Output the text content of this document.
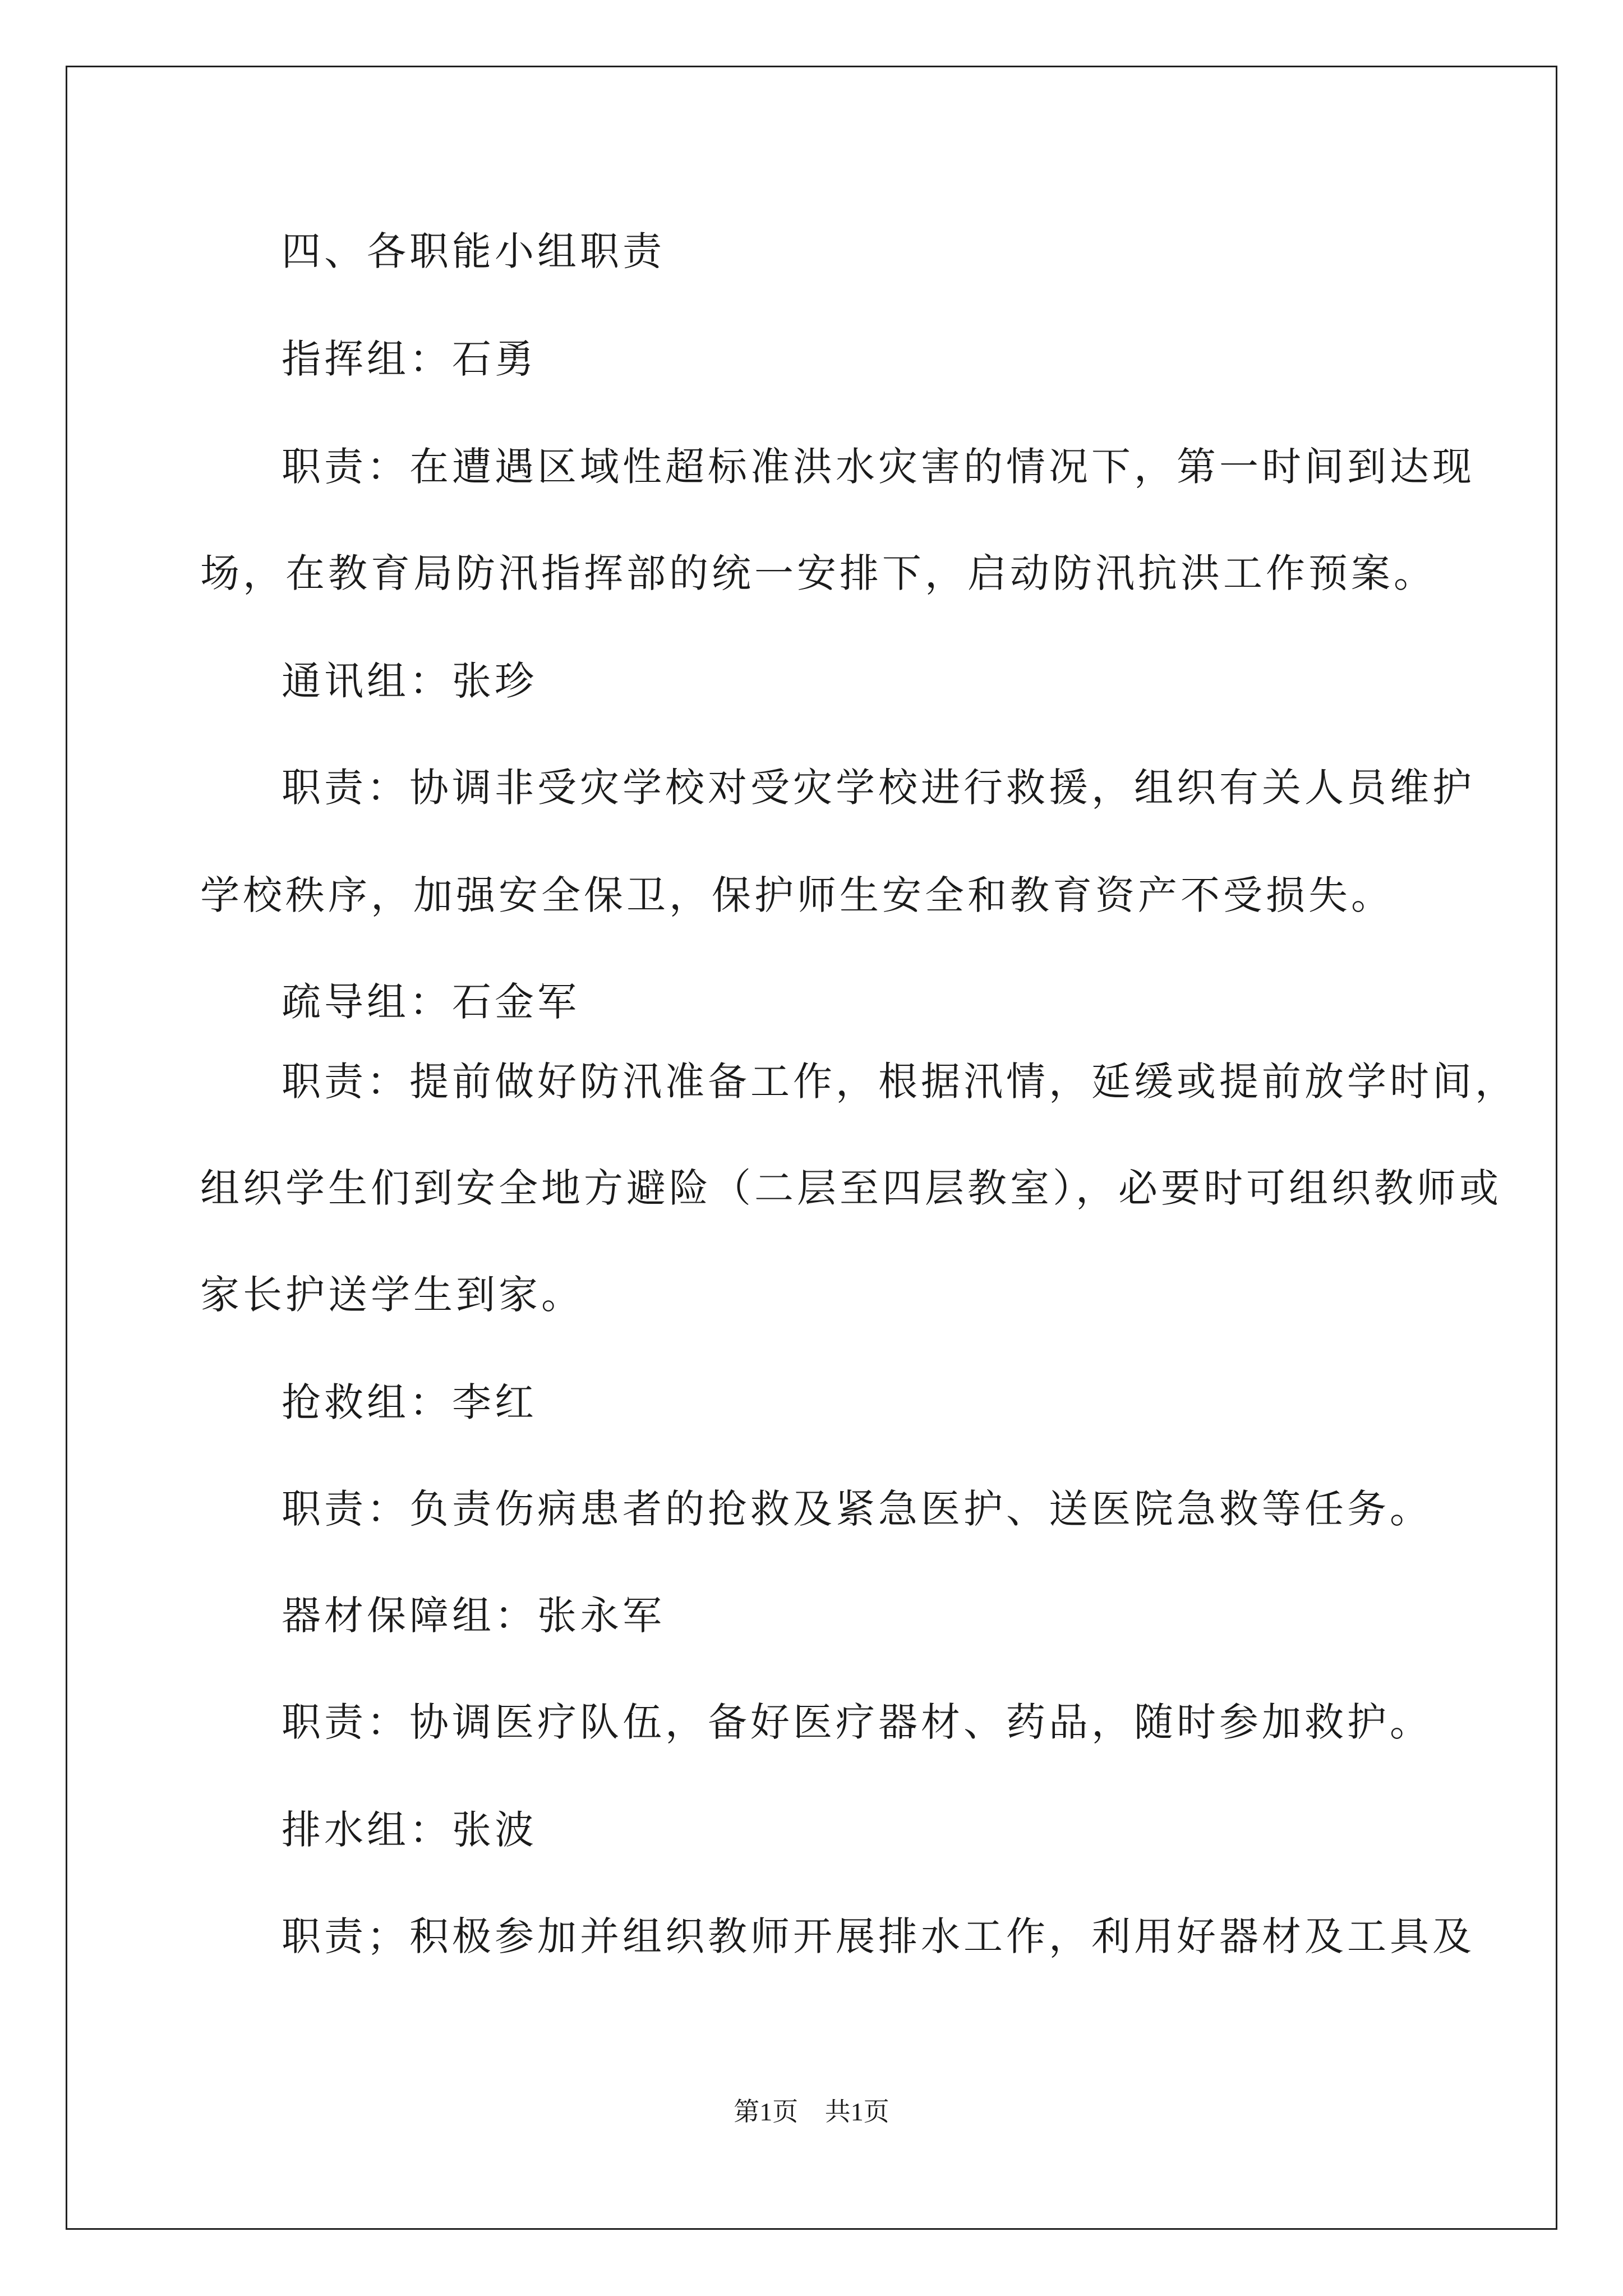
四、各职能小组职责
指挥组：石勇
职责：在遭遇区域性超标准洪水灾害的情况下，第一时间到达现
场，在教育局防汛指挥部的统一安排下，启动防汛抗洪工作预案。
通讯组：张珍
职责：协调非受灾学校对受灾学校进行救援，组织有关人员维护
学校秩序，加强安全保卫，保护师生安全和教育资产不受损失。
疏导组：石金军
职责：提前做好防汛准备工作，根据汛情，延缓或提前放学时间，
组织学生们到安全地方避险（二层至四层教室），必要时可组织教师或
家长护送学生到家。
抢救组：李红
职责：负责伤病患者的抢救及紧急医护、送医院急救等任务。
器材保障组：张永军
职责：协调医疗队伍，备好医疗器材、药品，随时参加救护。
排水组：张波
职责；积极参加并组织教师开展排水工作，利用好器材及工具及
第1页 共1页
